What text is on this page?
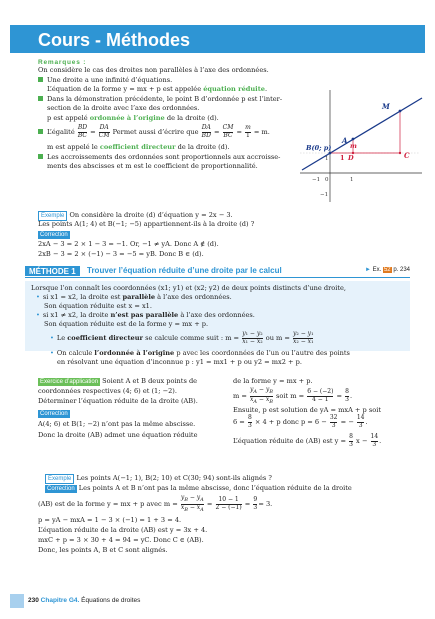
Cours - Méthodes
Remarques :
On considère le cas des droites non parallèles à l’axe des ordonnées.
Une droite a une infinité d’équations.
L’équation de la forme y = mx + p est appelée équation réduite.
Dans la démonstration précédente, le point B d’ordonnée p est l’inter-
section de la droite avec l’axe des ordonnées.
p est appelé ordonnée à l’origine de la droite (d).
L’égalité $\frac{BD}{BC} = \frac{DA}{CM}$ Permet aussi d’écrire que $\frac{DA}{BD} = \frac{CM}{BC} = \frac{m}{1} = m$.
m est appelé le coefficient directeur de la droite (d).
Les accroissements des ordonnées sont proportionnels aux accroisse-
ments des abscisses et m est le coefficient de proportionnalité.
M
A
m
B(0; p)
1 D	C
−1 0	1
1
−1
Exemple On considère la droite (d) d’équation y = 2x − 3.
Les points A(1; 4) et B(−1; −5) appartiennent-ils à la droite (d) ?
Correction
2xA − 3 = 2 × 1 − 3 = −1. Or, −1 ≠ yA. Donc A ∉ (d).
2xB − 3 = 2 × (−1) − 3 = −5 = yB. Donc B ∈ (d).
MÉTHODE 1	Trouver l’équation réduite d’une droite par le calcul	► Ex. 52 p. 234
Lorsque l’on connaît les coordonnées (x1; y1) et (x2; y2) de deux points distincts d’une droite,
• si x1 = x2, la droite est parallèle à l’axe des ordonnées.
Son équation réduite est x = x1.
• si x1 ≠ x2, la droite n’est pas parallèle à l’axe des ordonnées.
Son équation réduite est de la forme y = mx + p.
• Le coefficient directeur se calcule comme suit : $m = \frac{\text{y₁ − y₂}}{\text{x₁ − x₂}}$ ou $m = \frac{\text{y₂ − y₁}}{\text{x₂ − x₁}}$
• On calcule l’ordonnée à l’origine p avec les coordonnées de l’un ou l’autre des points
en résolvant une équation d’inconnue p : y1 = mx1 + p ou y2 = mx2 + p.
Exercice d’application Soient A et B deux points de
coordonnées respectives (4; 6) et (1; −2).
Déterminer l’équation réduite de la droite (AB).
Correction
A(4; 6) et B(1; −2) n’ont pas la même abscisse.
Donc la droite (AB) admet une équation réduite
de la forme y = mx + p.
$m = \frac{y_A - y_B}{x_A - x_B}$ soit $m = \frac{6 - (-2)}{4 - 1} = \frac{8}{3}$ .
Ensuite, p est solution de yA = mxA + p soit
$6 = \frac{8}{3} \times 4 + p$ donc $p = 6 - \frac{32}{3}$ = − $\frac{14}{3}$ .
L’équation réduite de (AB) est $y = \frac{8}{3}$ $x - \frac{14}{3}$ .
Exemple Les points A(−1; 1), B(2; 10) et C(30; 94) sont-ils alignés ?
Correction Les points A et B n’ont pas la même abscisse, donc l’équation réduite de la droite
(AB) est de la forme y = mx + p avec $m = \frac{y_B - y_A}{x_B - x_A} = \frac{10 - 1}{2 - (-1)} = \frac{9}{3} = 3$.
p = yA − mxA = 1 − 3 × (−1) = 1 + 3 = 4.
L’équation réduite de la droite (AB) est y = 3x + 4.
mxC + p = 3 × 30 + 4 = 94 = yC. Donc C ∈ (AB).
Donc, les points A, B et C sont alignés.
230 Chapitre G4. Équations de droites
